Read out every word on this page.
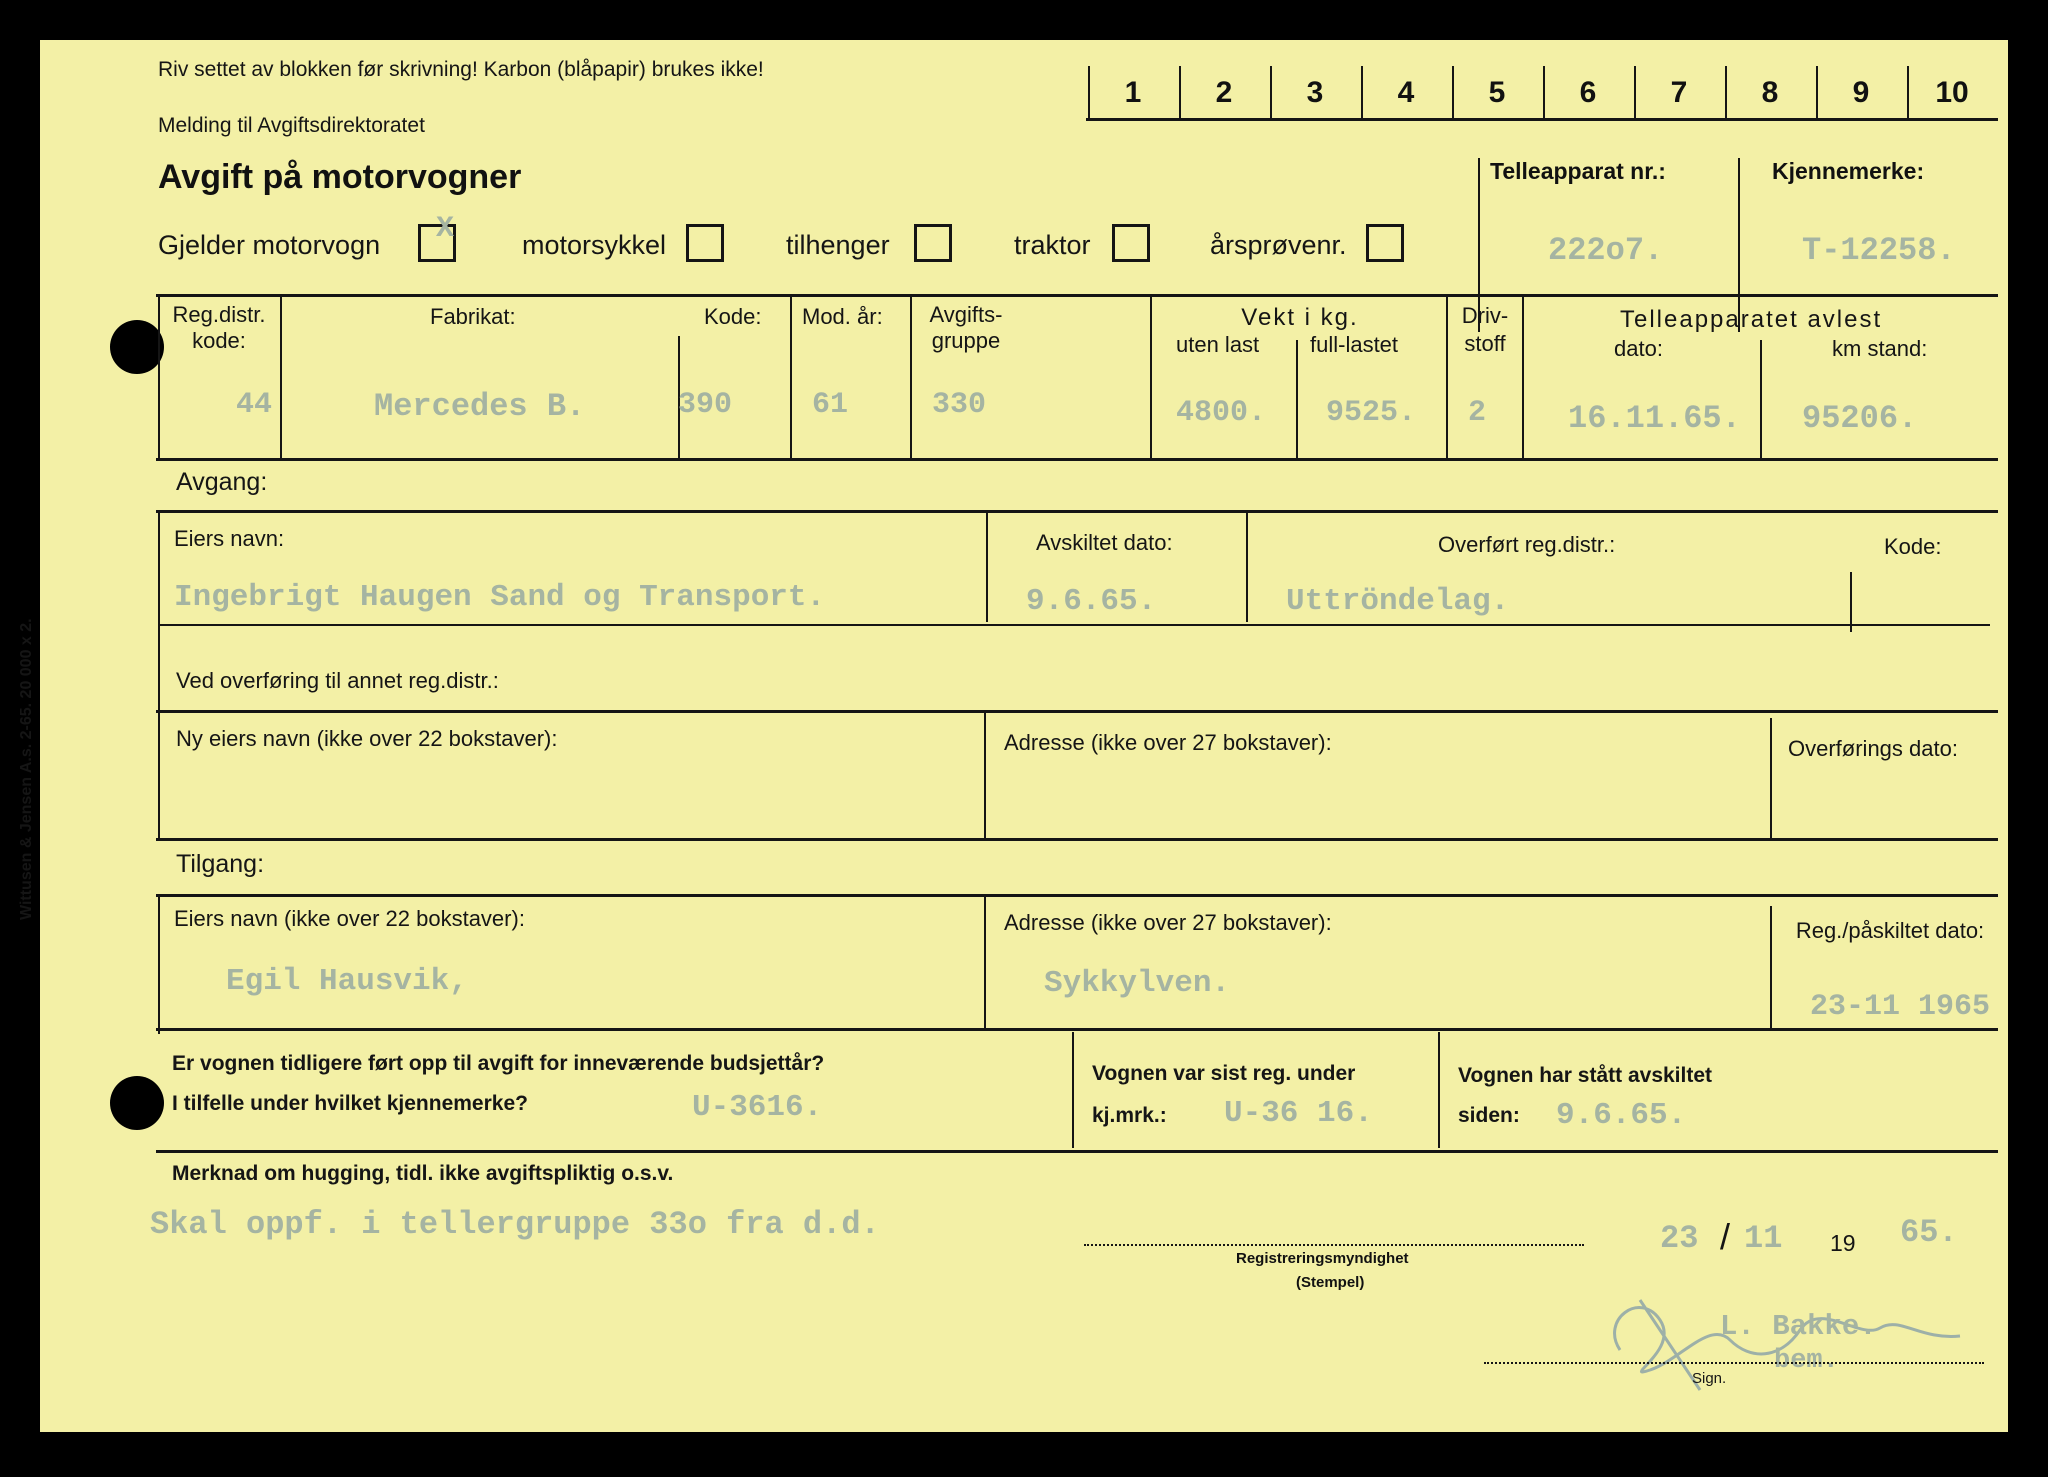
Riv settet av blokken før skrivning! Karbon (blåpapir) brukes ikke!
Melding til Avgiftsdirektoratet
Avgift på motorvogner
1	2	3	4	5	6	7	8	9	10
Gjelder motorvogn X	motorsykkel	tilhenger	traktor	årsprøvenr.
Telleapparat nr.:
222o7.
Kjennemerke:
T-12258.
Reg.distr. kode:
44
Fabrikat:
Mercedes B.
Kode:
390
Mod. år:
61
Avgifts- gruppe
330
Vekt i kg.
uten last
4800.
full-lastet
9525.
Driv- stoff
2
Telleapparatet avlest
dato:
16.11.65.
km stand:
95206.
Avgang:
Eiers navn:
Ingebrigt Haugen Sand og Transport.
Avskiltet dato:
9.6.65.
Overført reg.distr.:
Uttröndelag.
Kode:
Ved overføring til annet reg.distr.:
Ny eiers navn (ikke over 22 bokstaver):	Adresse (ikke over 27 bokstaver):	Overførings dato:
Tilgang:
Eiers navn (ikke over 22 bokstaver):
Egil Hausvik,
Adresse (ikke over 27 bokstaver):
Sykkylven.
Reg./påskiltet dato:
23-11 1965
Er vognen tidligere ført opp til avgift for inneværende budsjettår?
I tilfelle under hvilket kjennemerke?	U-3616.
Vognen var sist reg. under
kj.mrk.: U-36 16.
Vognen har stått avskiltet
siden: 9.6.65.
Merknad om hugging, tidl. ikke avgiftspliktig o.s.v.
Skal oppf. i tellergruppe 33o fra d.d.	23 / 11 19 65.
Registreringsmyndighet
(Stempel)
L. Bakke.
bem.
Sign.
Wittusen & Jensen A.s. 2-65. 20 000 x 2.
